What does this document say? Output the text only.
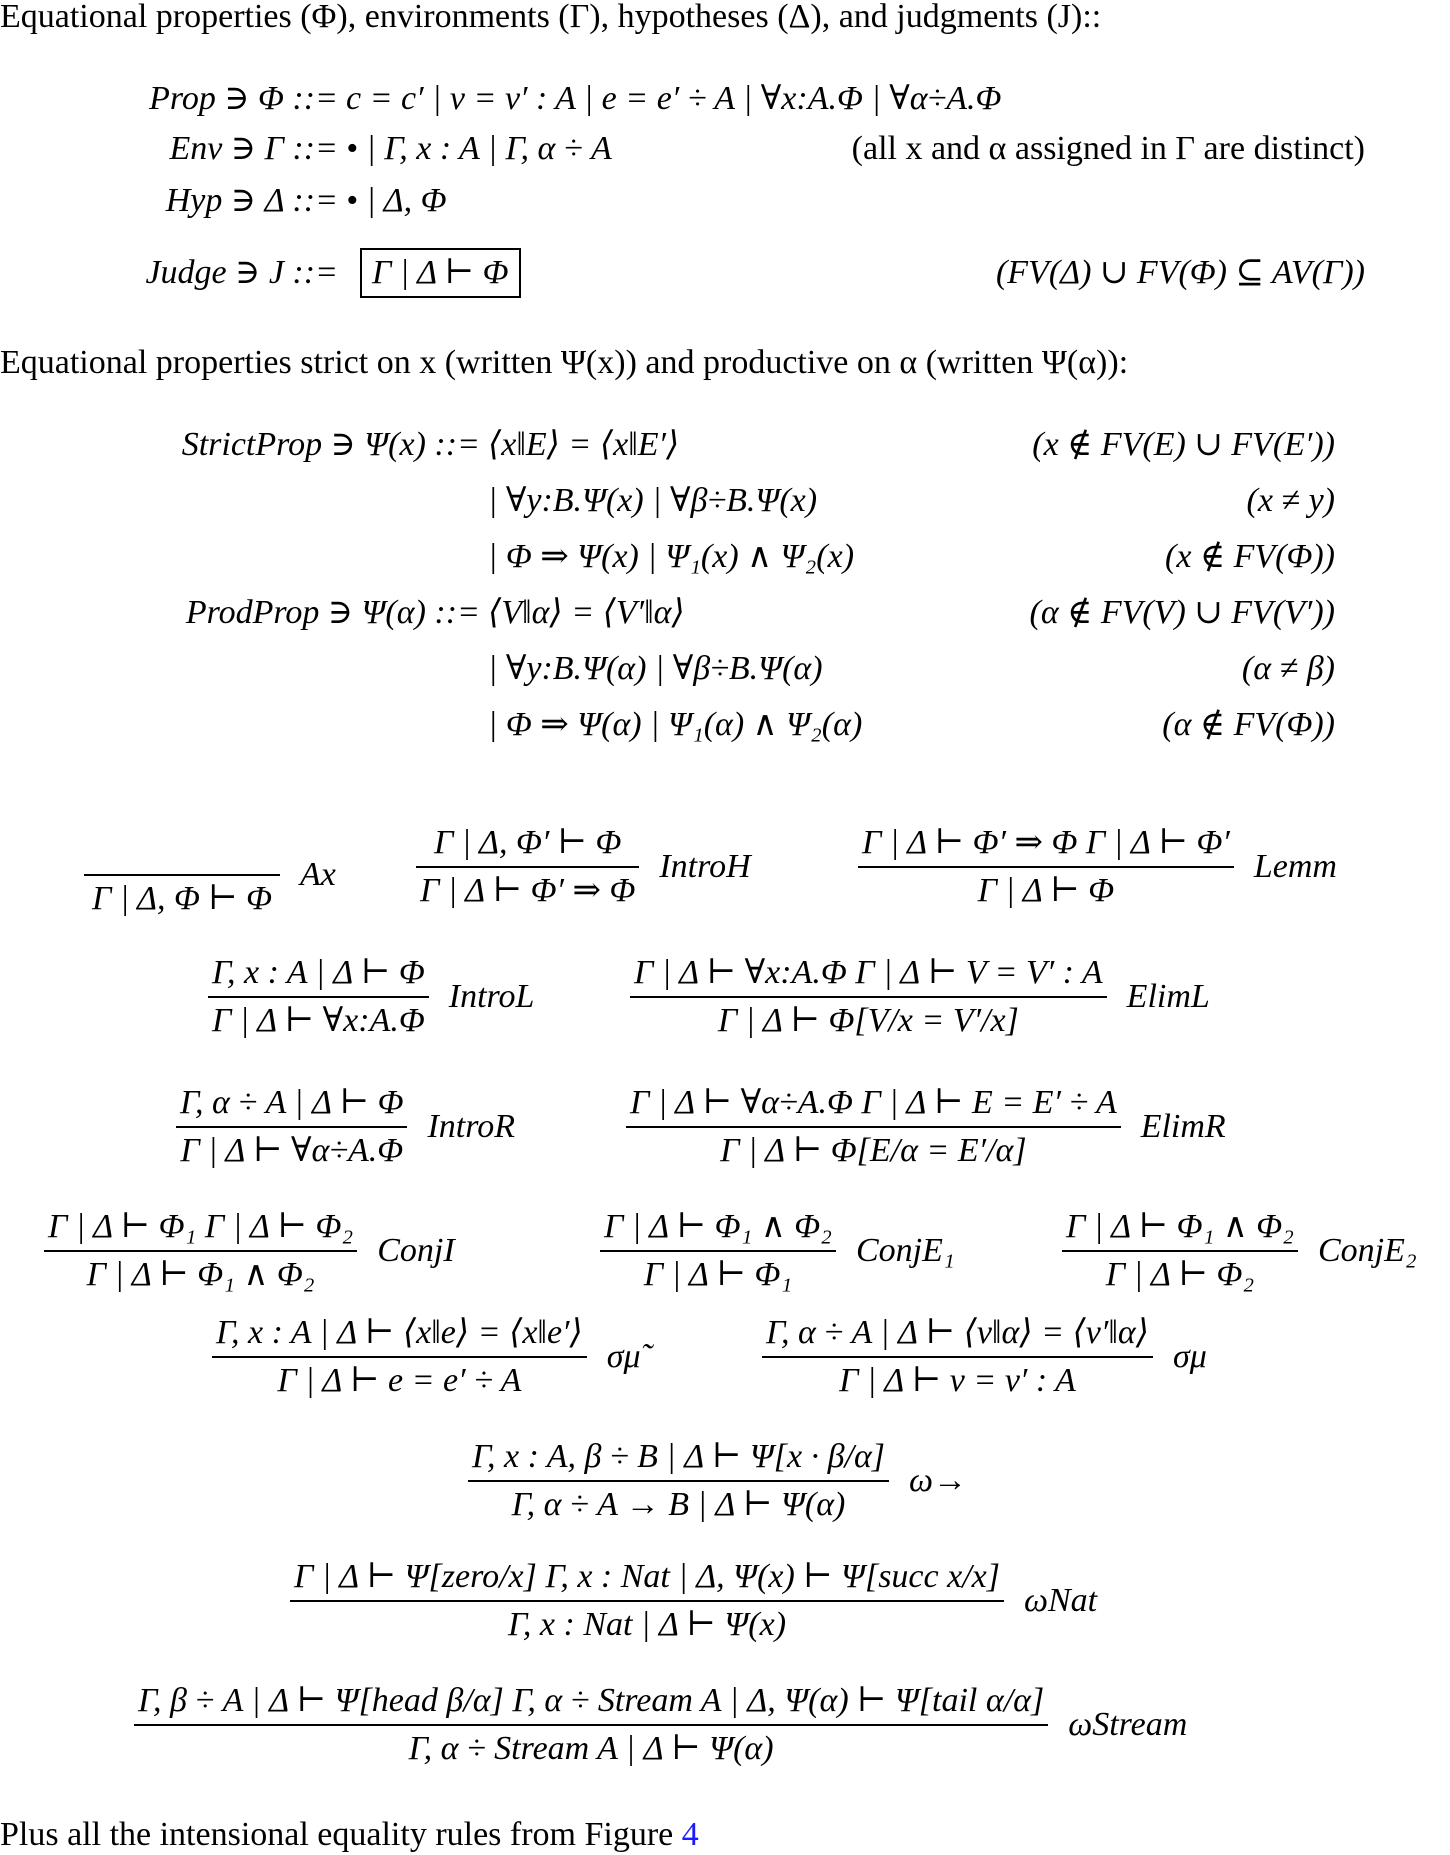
Equational properties (Φ), environments (Γ), hypotheses (Δ), and judgments (J)::
Prop ∋ Φ ::= c = c′ | v = v′ : A | e = e′ ÷ A | ∀x:A.Φ | ∀α÷A.Φ
Env ∋ Γ ::= • | Γ, x : A | Γ, α ÷ A	(all x and α assigned in Γ are distinct)
Hyp ∋ Δ ::= • | Δ, Φ
Judge ∋ J ::=	Γ | Δ ⊢ Φ	(FV(Δ) ∪ FV(Φ) ⊆ AV(Γ))
Equational properties strict on x (written Ψ(x)) and productive on α (written Ψ(α)):
StrictProp ∋ Ψ(x) ::= ⟨x‖E⟩ = ⟨x‖E′⟩	(x ∉ FV(E) ∪ FV(E′))
| ∀y:B.Ψ(x) | ∀β÷B.Ψ(x)	(x ≠ y)
| Φ ⇒ Ψ(x) | Ψ₁(x) ∧ Ψ₂(x)	(x ∉ FV(Φ))
ProdProp ∋ Ψ(α) ::= ⟨V‖α⟩ = ⟨V′‖α⟩	(α ∉ FV(V) ∪ FV(V′))
| ∀y:B.Ψ(α) | ∀β÷B.Ψ(α)	(α ≠ β)
| Φ ⇒ Ψ(α) | Ψ₁(α) ∧ Ψ₂(α)	(α ∉ FV(Φ))

Γ | Δ, Φ ⊢ Φ
Ax $\frac{\Gamma | \Delta, \Phi' ⊢ \Phi}{\Gamma | \Delta ⊢ \Phi' \Rightarrow \Phi}$ IntroH	$\frac{\text{Γ | Δ ⊢ Φ′ ⇒ Φ Γ | Δ ⊢ Φ′}}{\Gamma | \Delta ⊢ \Phi}$ Lemm
$\frac{\Gamma, x : A | \Delta ⊢ \Phi}{\Gamma | \Delta ⊢ \forall x:A.\Phi}$ IntroL	$\frac{\text{Γ | Δ ⊢ ∀x:A.Φ Γ | Δ ⊢ V = V′ : A}}{\Gamma | \Delta ⊢ \Phi[V/x = V'/x]}$ ElimL
$\frac{\Gamma, \alpha \div A | \Delta ⊢ \Phi}{\Gamma | \Delta ⊢ \forall\alpha\div A.\Phi}$ IntroR	$\frac{\text{Γ | Δ ⊢ ∀α÷A.Φ Γ | Δ ⊢ E = E′ ÷ A}}{\Gamma | \Delta ⊢ \Phi[E/\alpha = E'/\alpha]}$ ElimR
$\frac{\text{Γ | Δ ⊢ Φ₁ Γ | Δ ⊢ Φ₂}}{\text{Γ | Δ ⊢ Φ₁ ∧ Φ₂}}$ ConjI	$\frac{\text{Γ | Δ ⊢ Φ₁ ∧ Φ₂}}{\text{Γ | Δ ⊢ Φ₁}}$ ConjE₁	$\frac{\text{Γ | Δ ⊢ Φ₁ ∧ Φ₂}}{\text{Γ | Δ ⊢ Φ₂}}$ ConjE₂
$\frac{\Gamma, x : A | \Delta ⊢ ⟨x‖e⟩ = ⟨x‖e'⟩}{\Gamma | \Delta ⊢ e = e' \div A}$ σμ̃	$\frac{\Gamma, \alpha \div A | \Delta ⊢ ⟨v‖\alpha⟩ = ⟨v'‖\alpha⟩}{\Gamma | \Delta ⊢ v = v' : A}$ σμ
$\frac{\Gamma, x : A, \beta \div B | \Delta ⊢ \Psi[x \cdot \beta/\alpha]}{\Gamma, \alpha \div A \to B | \Delta ⊢ \Psi(\alpha)} \omega\to$
$\frac{\text{Γ | Δ ⊢ Ψ[zero/x] Γ, x : Nat | Δ, Ψ(x) ⊢ Ψ[succ x/x]}}{\text{Γ, x : Nat | Δ ⊢ Ψ(x)}}$ ωNat
Γ, β ÷ A | Δ ⊢ Ψ[head β/α] Γ, α ÷ Stream A | Δ, Ψ(α) ⊢ Ψ[tail α/α]
Γ, α ÷ Stream A | Δ ⊢ Ψ(α)
ωStream
Plus all the intensional equality rules from Figure 4
